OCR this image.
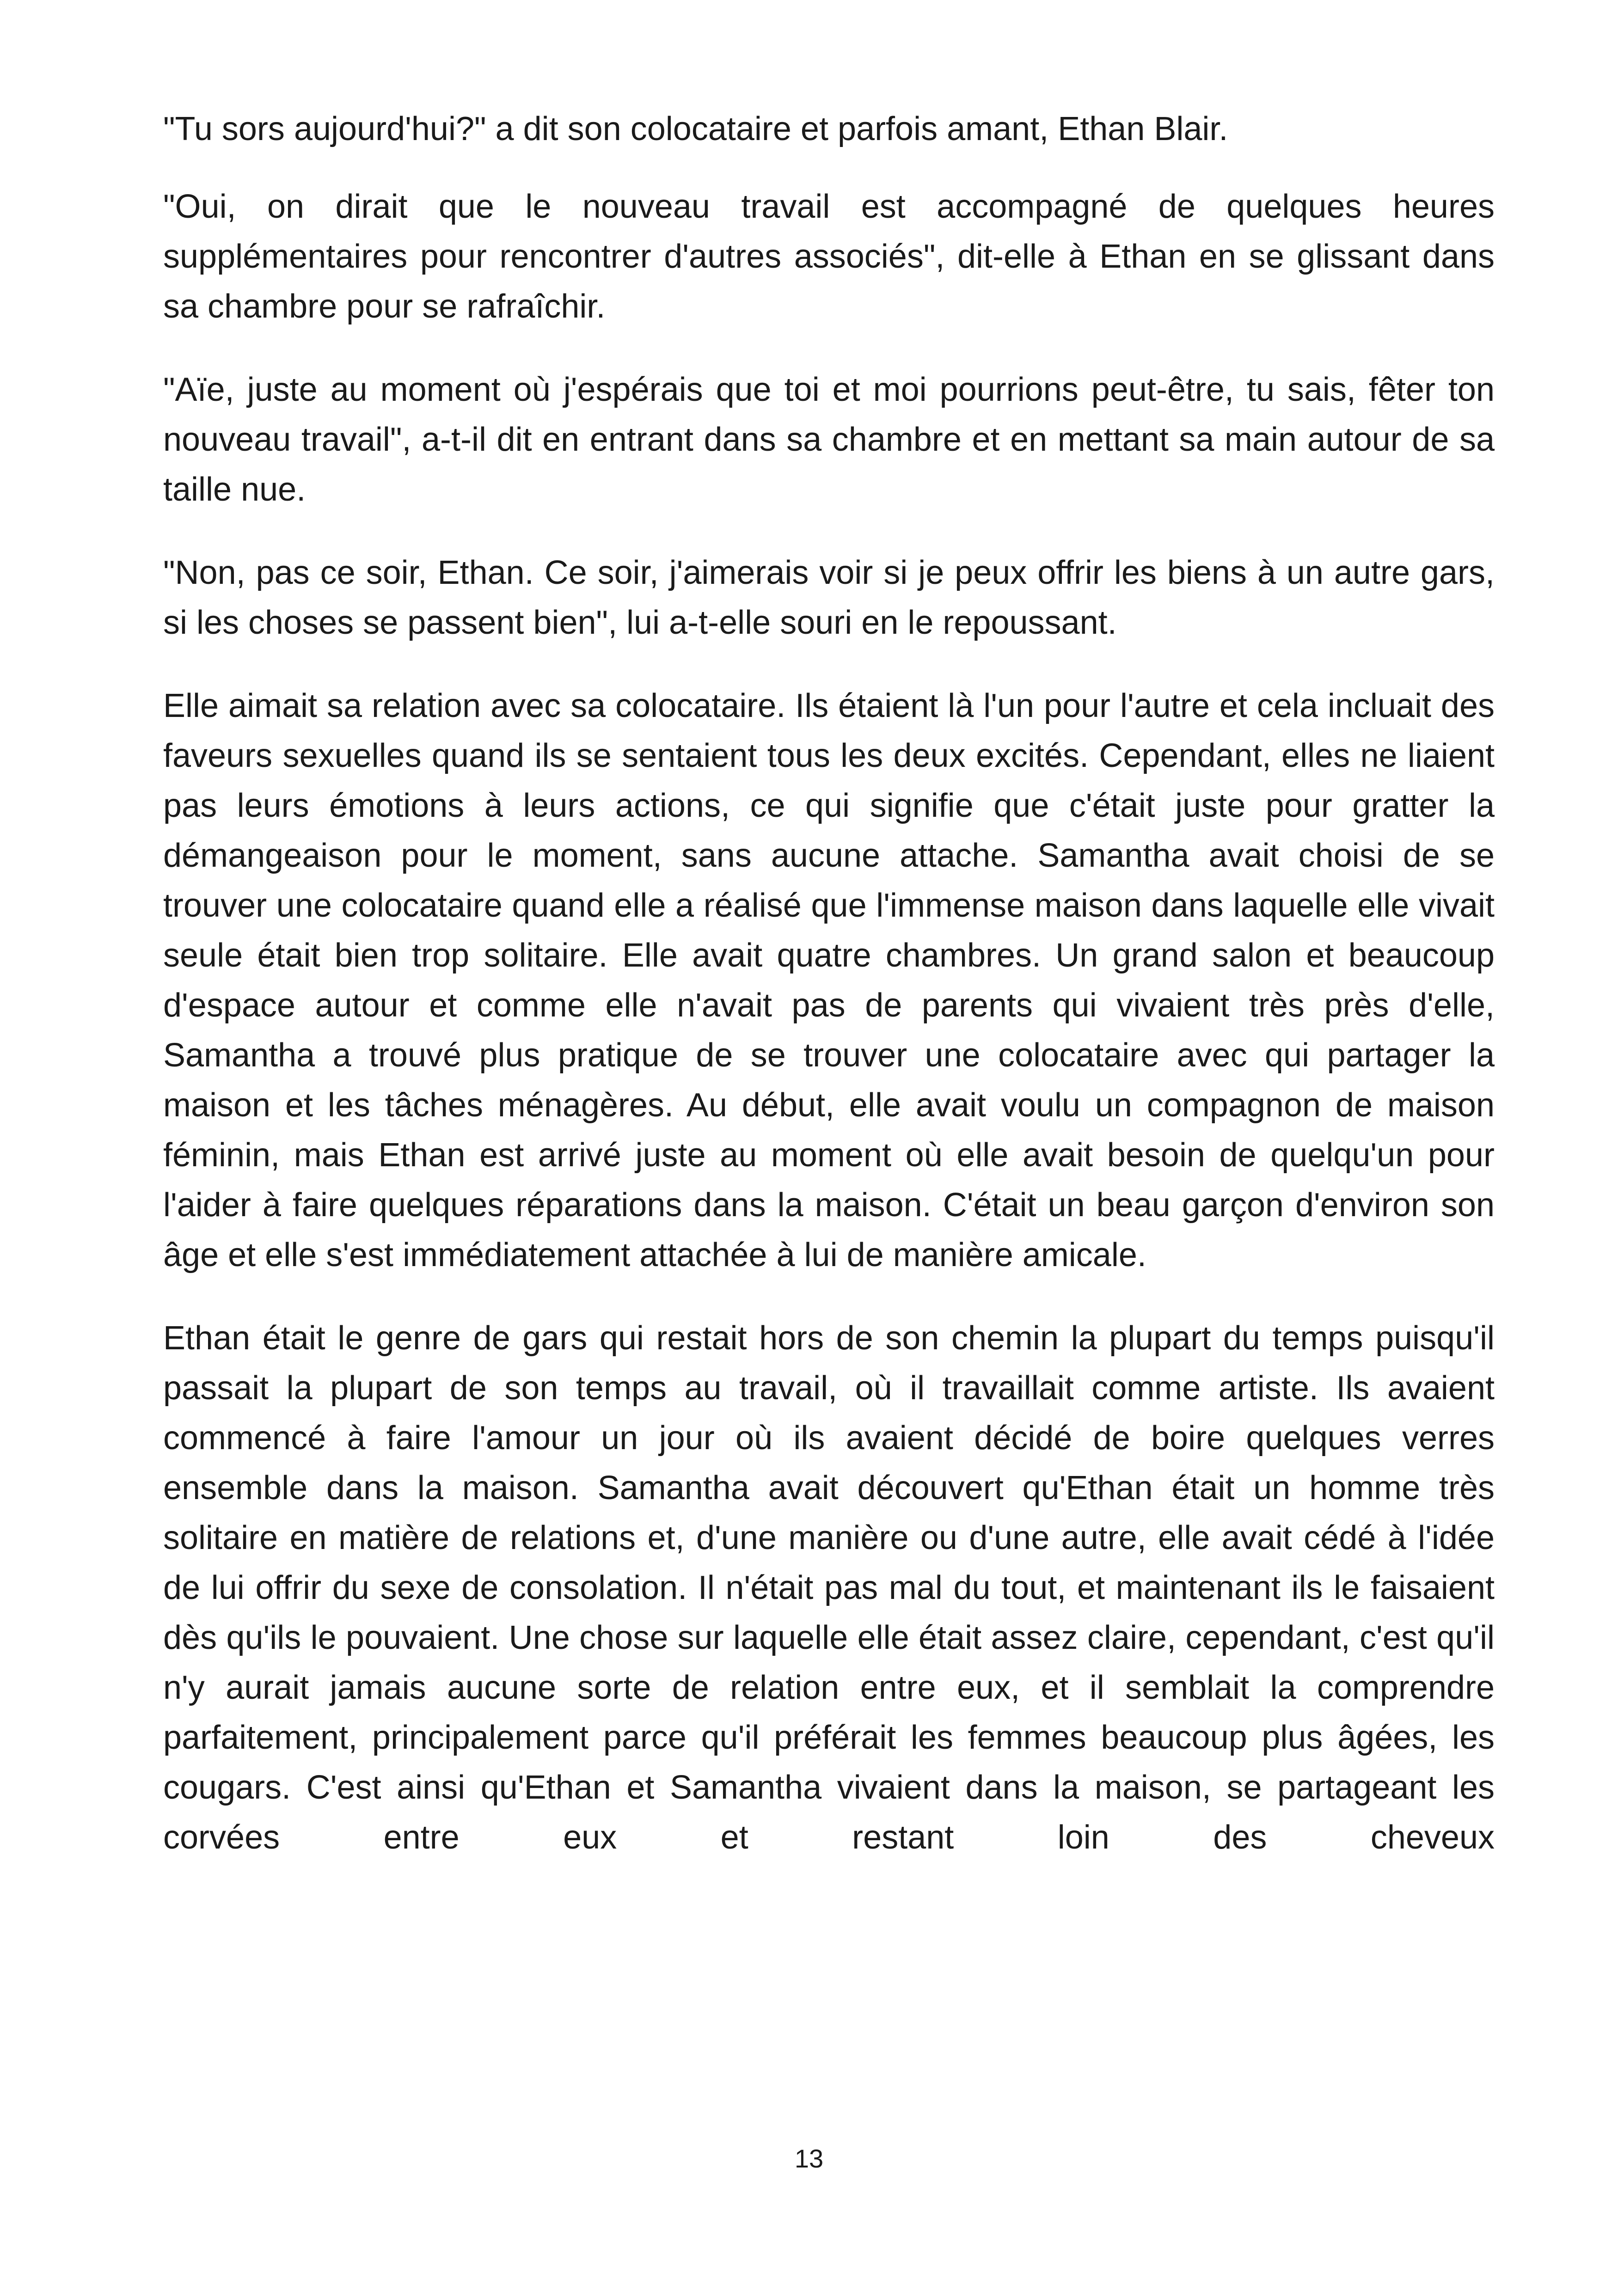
"Tu sors aujourd'hui?" a dit son colocataire et parfois amant, Ethan Blair.

"Oui, on dirait que le nouveau travail est accompagné de quelques heures supplémentaires pour rencontrer d'autres associés", dit-elle à Ethan en se glissant dans sa chambre pour se rafraîchir.

"Aïe, juste au moment où j'espérais que toi et moi pourrions peut-être, tu sais, fêter ton nouveau travail", a-t-il dit en entrant dans sa chambre et en mettant sa main autour de sa taille nue.

"Non, pas ce soir, Ethan. Ce soir, j'aimerais voir si je peux offrir les biens à un autre gars, si les choses se passent bien", lui a-t-elle souri en le repoussant.

Elle aimait sa relation avec sa colocataire. Ils étaient là l'un pour l'autre et cela incluait des faveurs sexuelles quand ils se sentaient tous les deux excités. Cependant, elles ne liaient pas leurs émotions à leurs actions, ce qui signifie que c'était juste pour gratter la démangeaison pour le moment, sans aucune attache. Samantha avait choisi de se trouver une colocataire quand elle a réalisé que l'immense maison dans laquelle elle vivait seule était bien trop solitaire. Elle avait quatre chambres. Un grand salon et beaucoup d'espace autour et comme elle n'avait pas de parents qui vivaient très près d'elle, Samantha a trouvé plus pratique de se trouver une colocataire avec qui partager la maison et les tâches ménagères. Au début, elle avait voulu un compagnon de maison féminin, mais Ethan est arrivé juste au moment où elle avait besoin de quelqu'un pour l'aider à faire quelques réparations dans la maison. C'était un beau garçon d'environ son âge et elle s'est immédiatement attachée à lui de manière amicale.

Ethan était le genre de gars qui restait hors de son chemin la plupart du temps puisqu'il passait la plupart de son temps au travail, où il travaillait comme artiste. Ils avaient commencé à faire l'amour un jour où ils avaient décidé de boire quelques verres ensemble dans la maison. Samantha avait découvert qu'Ethan était un homme très solitaire en matière de relations et, d'une manière ou d'une autre, elle avait cédé à l'idée de lui offrir du sexe de consolation. Il n'était pas mal du tout, et maintenant ils le faisaient dès qu'ils le pouvaient. Une chose sur laquelle elle était assez claire, cependant, c'est qu'il n'y aurait jamais aucune sorte de relation entre eux, et il semblait la comprendre parfaitement, principalement parce qu'il préférait les femmes beaucoup plus âgées, les cougars. C'est ainsi qu'Ethan et Samantha vivaient dans la maison, se partageant les corvées entre eux et restant loin des cheveux

13
